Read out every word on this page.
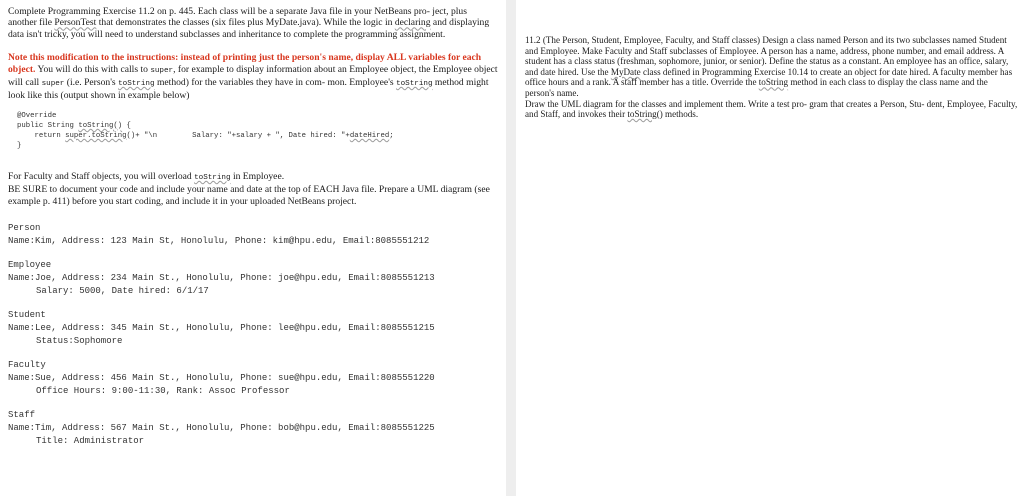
Complete Programming Exercise 11.2 on p. 445. Each class will be a separate Java file in your NetBeans pro- ject, plus another file PersonTest that demonstrates the classes (six files plus MyDate.java). While the logic in declaring and displaying data isn't tricky, you will need to understand subclasses and inheritance to complete the programming assignment.

Note this modification to the instructions: instead of printing just the person's name, display ALL variables for each object. You will do this with calls to super, for example to display information about an Employee object, the Employee object will call super (i.e. Person's toString method) for the variables they have in com- mon. Employee's toString method might look like this (output shown in example below)

@Override

public String toString() {

return super.toString()+ "\n        Salary: "+salary + ", Date hired: "+dateHired;

}

For Faculty and Staff objects, you will overload toString in Employee.

BE SURE to document your code and include your name and date at the top of EACH Java file. Prepare a UML diagram (see example p. 411) before you start coding, and include it in your uploaded NetBeans project.

Person

Name:Kim, Address: 123 Main St, Honolulu, Phone: kim@hpu.edu, Email:8085551212

Employee

Name:Joe, Address: 234 Main St., Honolulu, Phone: joe@hpu.edu, Email:8085551213

Salary: 5000, Date hired: 6/1/17

Student

Name:Lee, Address: 345 Main St., Honolulu, Phone: lee@hpu.edu, Email:8085551215

Status:Sophomore

Faculty

Name:Sue, Address: 456 Main St., Honolulu, Phone: sue@hpu.edu, Email:8085551220

Office Hours: 9:00-11:30, Rank: Assoc Professor

Staff

Name:Tim, Address: 567 Main St., Honolulu, Phone: bob@hpu.edu, Email:8085551225

Title: Administrator

11.2 (The Person, Student, Employee, Faculty, and Staff classes) Design a class named Person and its two subclasses named Student and Employee. Make Faculty and Staff subclasses of Employee. A person has a name, address, phone number, and email address. A student has a class status (freshman, sophomore, junior, or senior). Define the status as a constant. An employee has an office, salary, and date hired. Use the MyDate class defined in Programming Exercise 10.14 to create an object for date hired. A faculty member has office hours and a rank. A staff member has a title. Override the toString method in each class to display the class name and the person's name.
Draw the UML diagram for the classes and implement them. Write a test pro- gram that creates a Person, Stu- dent, Employee, Faculty, and Staff, and invokes their toString() methods.
